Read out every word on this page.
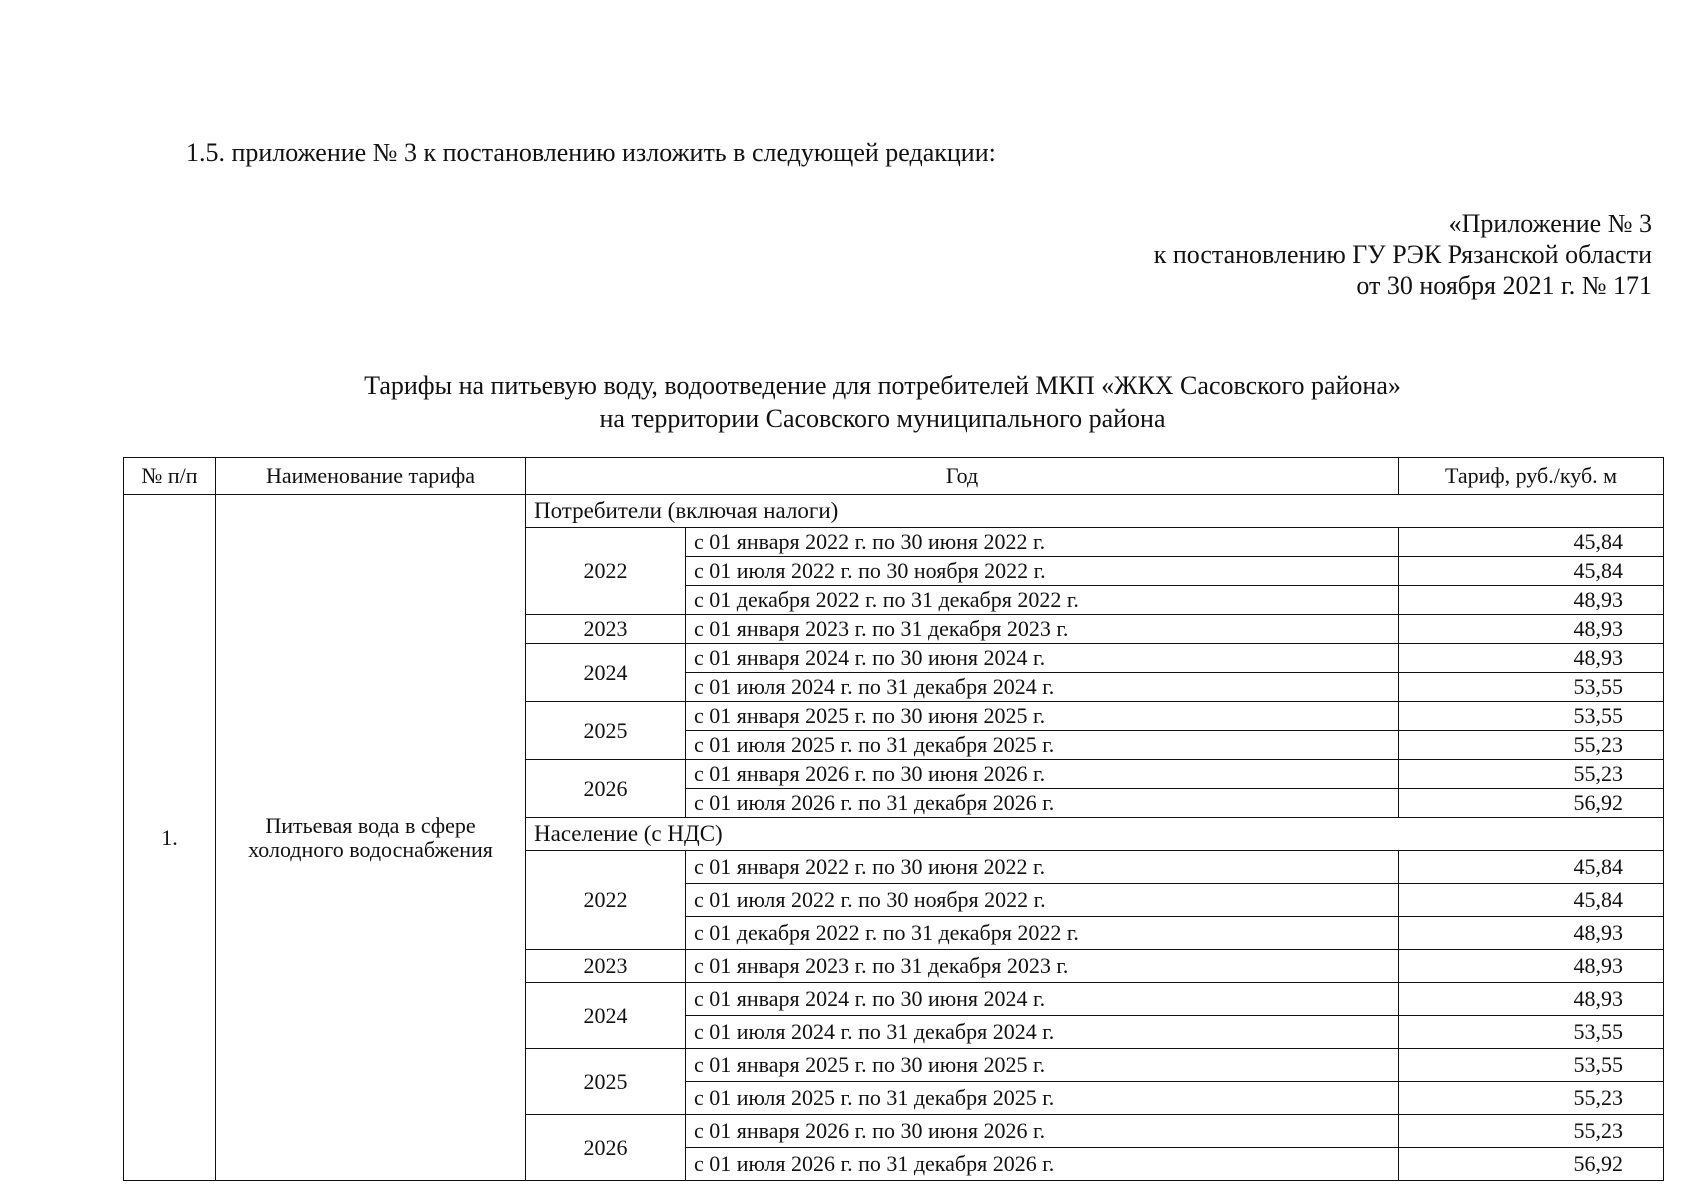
1.5. приложение № 3 к постановлению изложить в следующей редакции:
«Приложение № 3
к постановлению ГУ РЭК Рязанской области
от 30 ноября 2021 г. № 171
Тарифы на питьевую воду, водоотведение для потребителей МКП «ЖКХ Сасовского района»
на территории Сасовского муниципального района
№ п/п	Наименование тарифа	Год		Тариф, руб./куб. м
1.	Питьевая вода в сфере холодного водоснабжения	Потребители (включая налоги)		
		2022	с 01 января 2022 г. по 30 июня 2022 г.	45,84
			с 01 июля 2022 г. по 30 ноября 2022 г.	45,84
			с 01 декабря 2022 г. по 31 декабря 2022 г.	48,93
		2023	с 01 января 2023 г. по 31 декабря 2023 г.	48,93
		2024	с 01 января 2024 г. по 30 июня 2024 г.	48,93
			с 01 июля 2024 г. по 31 декабря 2024 г.	53,55
		2025	с 01 января 2025 г. по 30 июня 2025 г.	53,55
			с 01 июля 2025 г. по 31 декабря 2025 г.	55,23
		2026	с 01 января 2026 г. по 30 июня 2026 г.	55,23
			с 01 июля 2026 г. по 31 декабря 2026 г.	56,92
		Население (с НДС)		
		2022	с 01 января 2022 г. по 30 июня 2022 г.	45,84
			с 01 июля 2022 г. по 30 ноября 2022 г.	45,84
			с 01 декабря 2022 г. по 31 декабря 2022 г.	48,93
		2023	с 01 января 2023 г. по 31 декабря 2023 г.	48,93
		2024	с 01 января 2024 г. по 30 июня 2024 г.	48,93
			с 01 июля 2024 г. по 31 декабря 2024 г.	53,55
		2025	с 01 января 2025 г. по 30 июня 2025 г.	53,55
			с 01 июля 2025 г. по 31 декабря 2025 г.	55,23
		2026	с 01 января 2026 г. по 30 июня 2026 г.	55,23
			с 01 июля 2026 г. по 31 декабря 2026 г.	56,92
